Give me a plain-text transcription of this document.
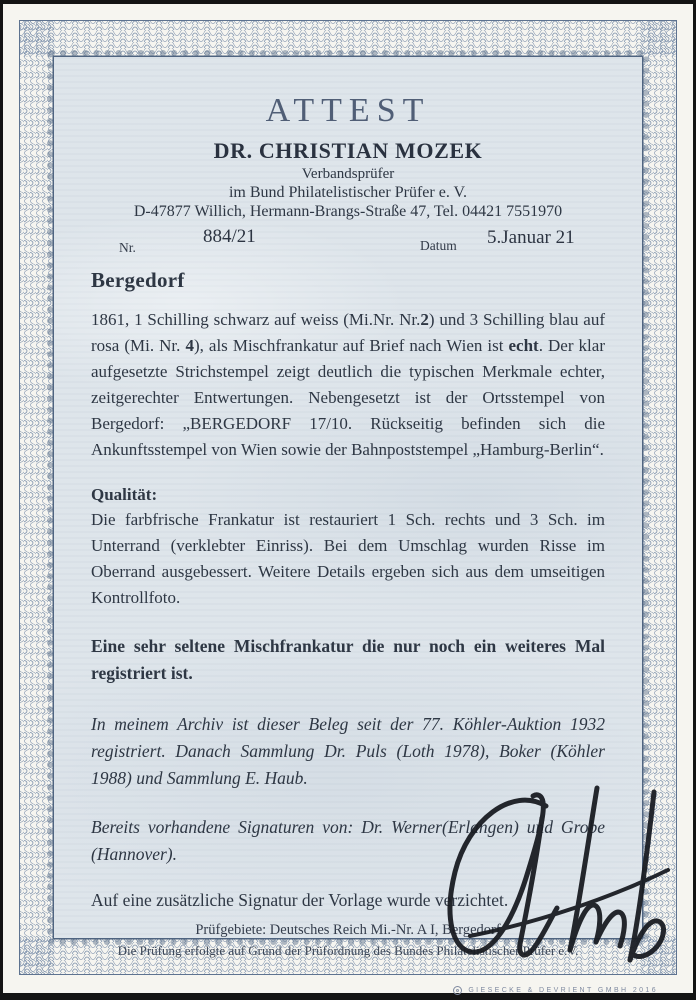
ATTEST
DR. CHRISTIAN MOZEK
Verbandsprüfer
im Bund Philatelistischer Prüfer e. V.
D-47877 Willich, Hermann-Brangs-Straße 47, Tel. 04421 7551970
Nr.
884/21	Datum 5.Januar 21
Bergedorf

1861, 1 Schilling schwarz auf weiss (Mi.Nr. Nr.2) und 3 Schilling blau auf rosa (Mi. Nr. 4), als Mischfrankatur auf Brief nach Wien ist echt. Der klar aufgesetzte Strichstempel zeigt deutlich die typischen Merkmale echter, zeitgerechter Entwertungen. Nebengesetzt ist der Ortsstempel von Bergedorf: „BERGEDORF 17/10. Rückseitig befinden sich die Ankunftsstempel von Wien sowie der Bahnpoststempel „Hamburg-Berlin“.

Qualität:

Die farbfrische Frankatur ist restauriert 1 Sch. rechts und 3 Sch. im Unterrand (verklebter Einriss). Bei dem Umschlag wurden Risse im Oberrand ausgebessert. Weitere Details ergeben sich aus dem umseitigen Kontrollfoto.

Eine sehr seltene Mischfrankatur die nur noch ein weiteres Mal registriert ist.

In meinem Archiv ist dieser Beleg seit der 77. Köhler-Auktion 1932 registriert. Danach Sammlung Dr. Puls (Loth 1978), Boker (Köhler 1988) und Sammlung E. Haub.

Bereits vorhandene Signaturen von: Dr. Werner(Erlangen) und Grobe (Hannover).

Auf eine zusätzliche Signatur der Vorlage wurde verzichtet.

Prüfgebiete: Deutsches Reich Mi.-Nr. A I, Bergedorf
Die Prüfung erfolgte auf Grund der Prüfordnung des Bundes Philatelistischer Prüfer e.V.
GIESECKE & DEVRIENT GMBH 2016
